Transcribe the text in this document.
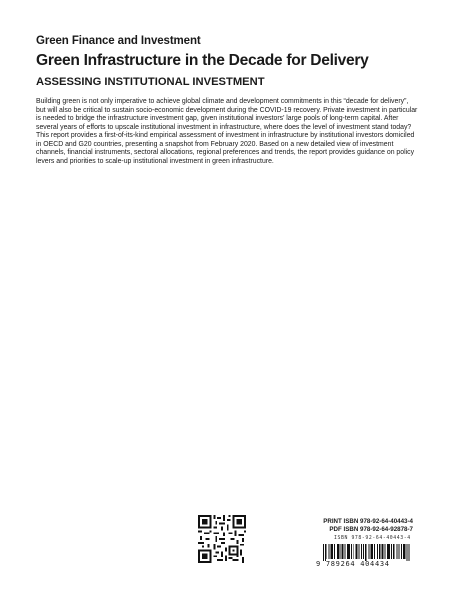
Green Finance and Investment
Green Infrastructure in the Decade for Delivery
ASSESSING INSTITUTIONAL INVESTMENT

Building green is not only imperative to achieve global climate and development commitments in this “decade for delivery”, but will also be critical to sustain socio-economic development during the COVID-19 recovery. Private investment in particular is needed to bridge the infrastructure investment gap, given institutional investors’ large pools of long-term capital. After several years of efforts to upscale institutional investment in infrastructure, where does the level of investment stand today? This report provides a first-of-its-kind empirical assessment of investment in infrastructure by institutional investors domiciled in OECD and G20 countries, presenting a snapshot from February 2020. Based on a new detailed view of investment channels, financial instruments, sectoral allocations, regional preferences and trends, the report provides guidance on policy levers and priorities to scale-up institutional investment in green infrastructure.

PRINT ISBN 978-92-64-40443-4
PDF ISBN 978-92-64-92878-7
ISBN 978-92-64-40443-4
9 789264 404434
